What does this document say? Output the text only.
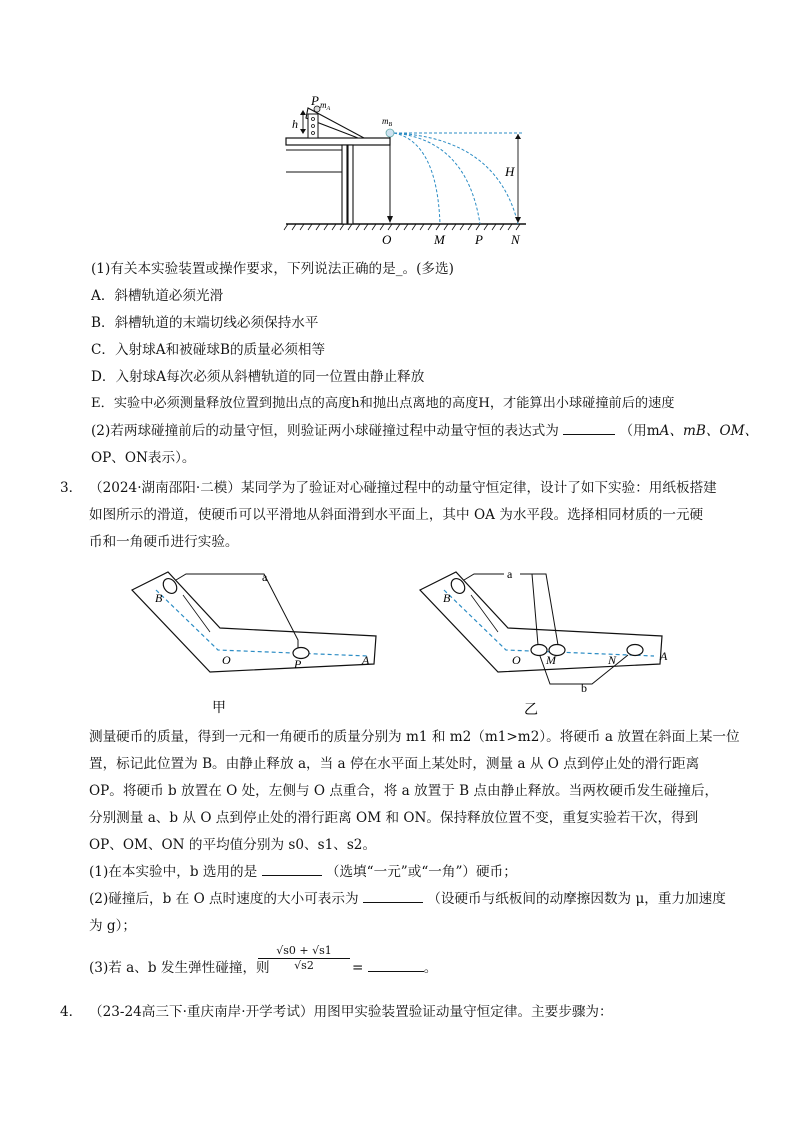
H
P $m_A$
h	$m_B$
O	M P N
(1)有关本实验装置或操作要求，下列说法正确的是_。(多选)
A．斜槽轨道必须光滑
B．斜槽轨道的末端切线必须保持水平
C．入射球A和被碰球B的质量必须相等
D．入射球A每次必须从斜槽轨道的同一位置由静止释放
E．实验中必须测量释放位置到抛出点的高度h和抛出点离地的高度H，才能算出小球碰撞前后的速度
(2)若两球碰撞前后的动量守恒，则验证两小球碰撞过程中动量守恒的表达式为	（用mA、mB、OM、
OP、ON表示）。
3． （2024·湖南邵阳·二模）某同学为了验证对心碰撞过程中的动量守恒定律，设计了如下实验：用纸板搭建
如图所示的滑道，使硬币可以平滑地从斜面滑到水平面上，其中 OA 为水平段。选择相同材质的一元硬
币和一角硬币进行实验。
a
B
O	P	A
甲
a
B
O M	N	A
b
乙
测量硬币的质量，得到一元和一角硬币的质量分别为 m1 和 m2（m1>m2）。将硬币 a 放置在斜面上某一位
置，标记此位置为 B。由静止释放 a，当 a 停在水平面上某处时，测量 a 从 O 点到停止处的滑行距离
OP。将硬币 b 放置在 O 处，左侧与 O 点重合，将 a 放置于 B 点由静止释放。当两枚硬币发生碰撞后，
分别测量 a、b 从 O 点到停止处的滑行距离 OM 和 ON。保持释放位置不变，重复实验若干次，得到
OP、OM、ON 的平均值分别为 s0、s1、s2。
(1)在本实验中，b 选用的是	（选填“一元”或“一角”）硬币；
(2)碰撞后，b 在 O 点时速度的大小可表示为	（设硬币与纸板间的动摩擦因数为 μ，重力加速度
为 g）；
(3)若 a、b 发生弹性碰撞，则
$\frac{√s0 + √s1}{√s2}$ =	。
4． （23-24高三下·重庆南岸·开学考试）用图甲实验装置验证动量守恒定律。主要步骤为：
